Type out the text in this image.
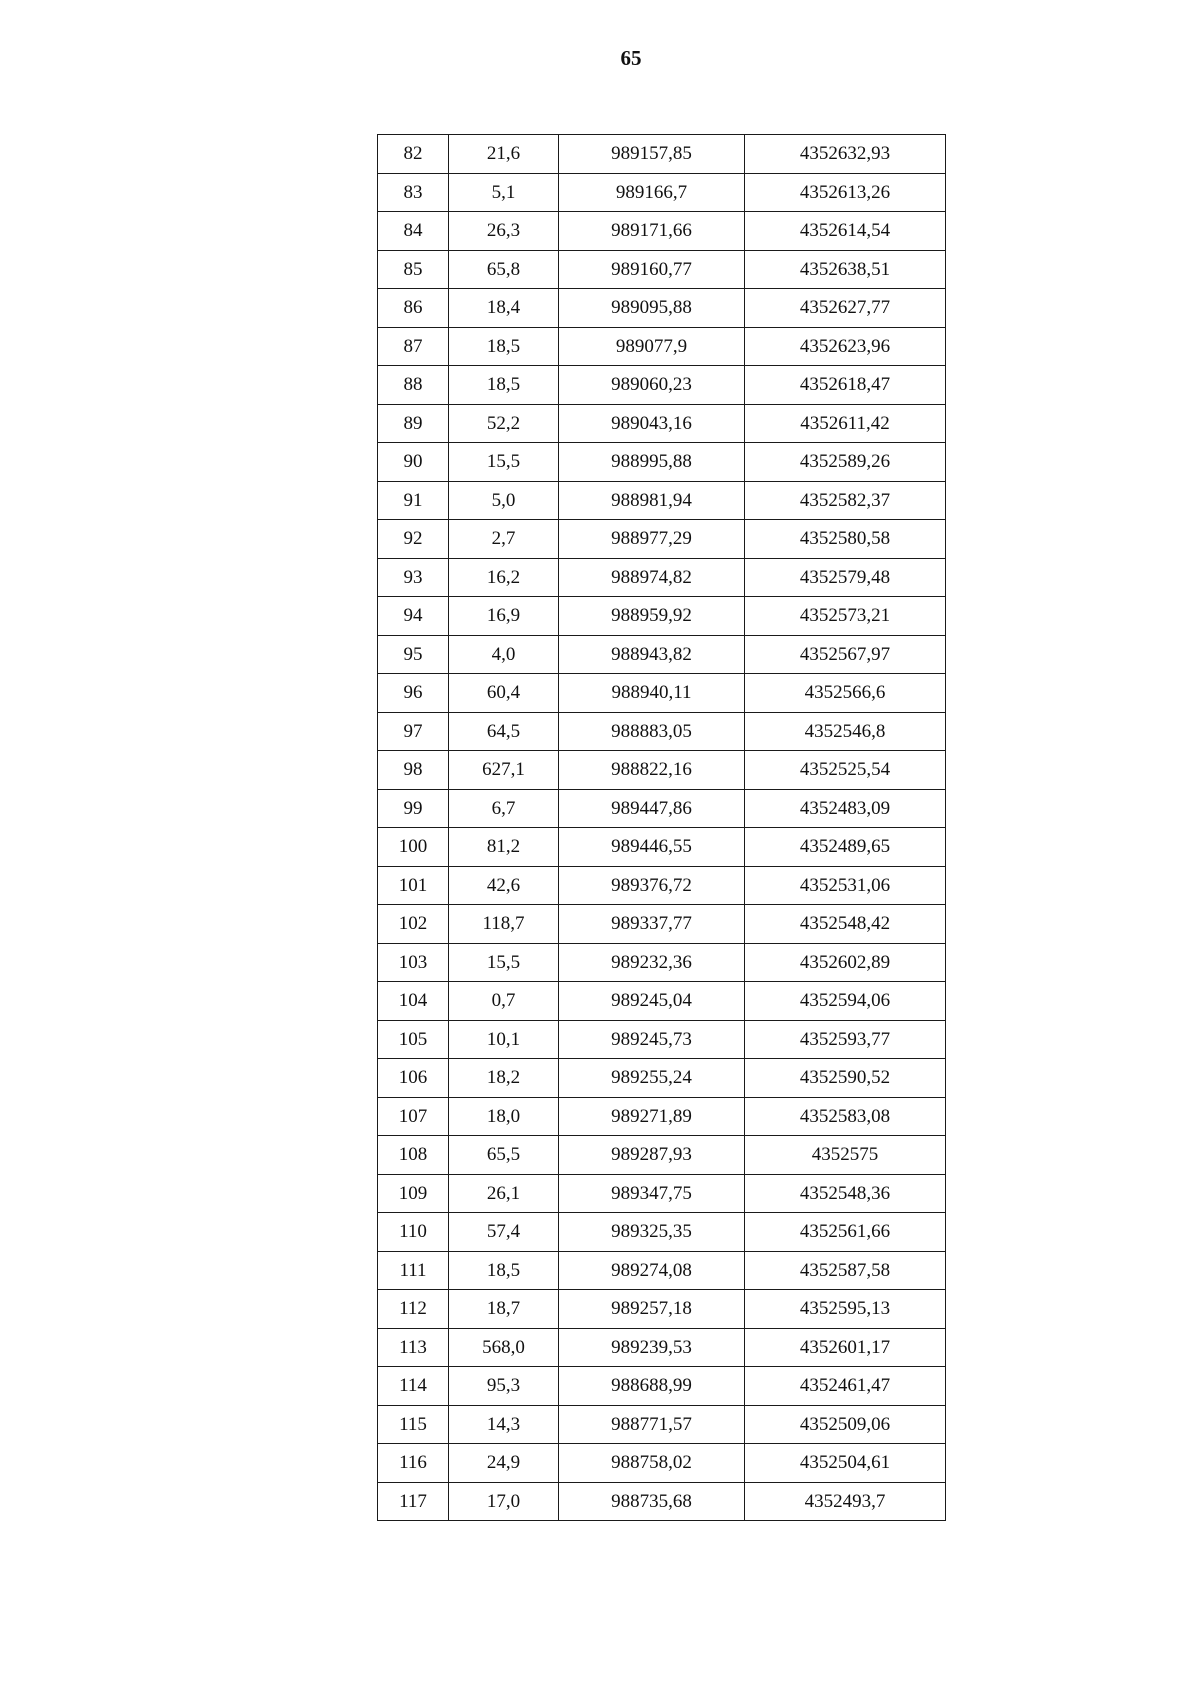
65
82	21,6	989157,85	4352632,93
83	5,1	989166,7	4352613,26
84	26,3	989171,66	4352614,54
85	65,8	989160,77	4352638,51
86	18,4	989095,88	4352627,77
87	18,5	989077,9	4352623,96
88	18,5	989060,23	4352618,47
89	52,2	989043,16	4352611,42
90	15,5	988995,88	4352589,26
91	5,0	988981,94	4352582,37
92	2,7	988977,29	4352580,58
93	16,2	988974,82	4352579,48
94	16,9	988959,92	4352573,21
95	4,0	988943,82	4352567,97
96	60,4	988940,11	4352566,6
97	64,5	988883,05	4352546,8
98	627,1	988822,16	4352525,54
99	6,7	989447,86	4352483,09
100	81,2	989446,55	4352489,65
101	42,6	989376,72	4352531,06
102	118,7	989337,77	4352548,42
103	15,5	989232,36	4352602,89
104	0,7	989245,04	4352594,06
105	10,1	989245,73	4352593,77
106	18,2	989255,24	4352590,52
107	18,0	989271,89	4352583,08
108	65,5	989287,93	4352575
109	26,1	989347,75	4352548,36
110	57,4	989325,35	4352561,66
111	18,5	989274,08	4352587,58
112	18,7	989257,18	4352595,13
113	568,0	989239,53	4352601,17
114	95,3	988688,99	4352461,47
115	14,3	988771,57	4352509,06
116	24,9	988758,02	4352504,61
117	17,0	988735,68	4352493,7
